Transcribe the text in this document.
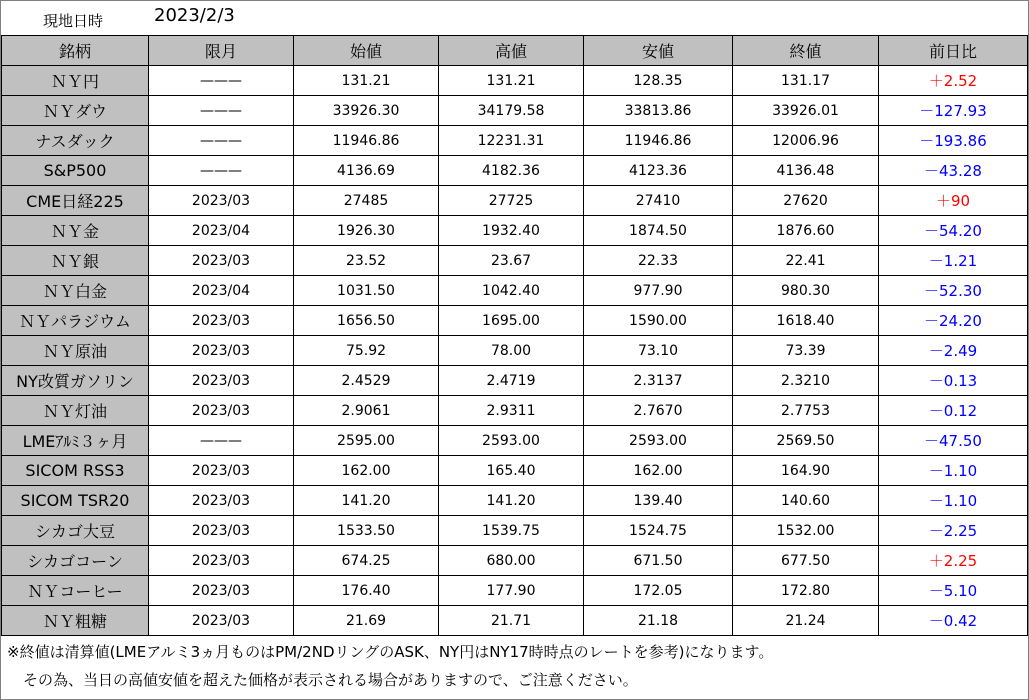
現地日時	2023/2/3
銘柄	限月	始値	高値	安値	終値	前日比
ＮＹ円	———	131.21	131.21	128.35	131.17	＋2.52
ＮＹダウ	———	33926.30	34179.58	33813.86	33926.01	－127.93
ナスダック	———	11946.86	12231.31	11946.86	12006.96	－193.86
S&P500	———	4136.69	4182.36	4123.36	4136.48	－43.28
CME日経225	2023/03	27485	27725	27410	27620	＋90
ＮＹ金	2023/04	1926.30	1932.40	1874.50	1876.60	－54.20
ＮＹ銀	2023/03	23.52	23.67	22.33	22.41	－1.21
ＮＹ白金	2023/04	1031.50	1042.40	977.90	980.30	－52.30
ＮＹパラジウム	2023/03	1656.50	1695.00	1590.00	1618.40	－24.20
ＮＹ原油	2023/03	75.92	78.00	73.10	73.39	－2.49
NY改質ガソリン	2023/03	2.4529	2.4719	2.3137	2.3210	－0.13
ＮＹ灯油	2023/03	2.9061	2.9311	2.7670	2.7753	－0.12
LMEｱﾙﾐ３ヶ月	———	2595.00	2593.00	2593.00	2569.50	－47.50
SICOM RSS3	2023/03	162.00	165.40	162.00	164.90	－1.10
SICOM TSR20	2023/03	141.20	141.20	139.40	140.60	－1.10
シカゴ大豆	2023/03	1533.50	1539.75	1524.75	1532.00	－2.25
シカゴコーン	2023/03	674.25	680.00	671.50	677.50	＋2.25
ＮＹコーヒー	2023/03	176.40	177.90	172.05	172.80	－5.10
ＮＹ粗糖	2023/03	21.69	21.71	21.18	21.24	－0.42
※終値は清算値(LMEアルミ3ヵ月ものはPM/2NDリングのASK、NY円はNY17時時点のレートを参考)になります。
その為、当日の高値安値を超えた価格が表示される場合がありますので、ご注意ください。
